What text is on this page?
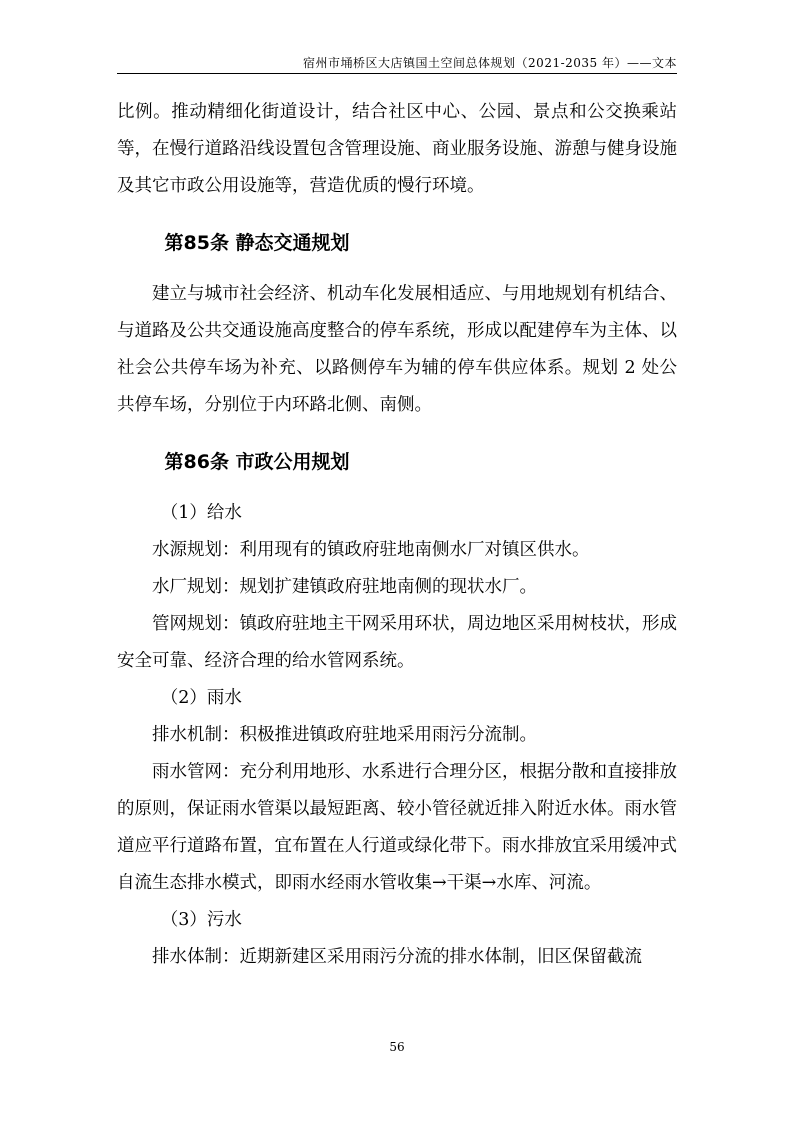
宿州市埇桥区大店镇国土空间总体规划（2021-2035 年）——文本

比例。推动精细化街道设计，结合社区中心、公园、景点和公交换乘站等，在慢行道路沿线设置包含管理设施、商业服务设施、游憩与健身设施及其它市政公用设施等，营造优质的慢行环境。

第85条 静态交通规划

建立与城市社会经济、机动车化发展相适应、与用地规划有机结合、与道路及公共交通设施高度整合的停车系统，形成以配建停车为主体、以社会公共停车场为补充、以路侧停车为辅的停车供应体系。规划 2 处公共停车场，分别位于内环路北侧、南侧。

第86条 市政公用规划

（1）给水

水源规划：利用现有的镇政府驻地南侧水厂对镇区供水。

水厂规划：规划扩建镇政府驻地南侧的现状水厂。

管网规划：镇政府驻地主干网采用环状，周边地区采用树枝状，形成安全可靠、经济合理的给水管网系统。

（2）雨水

排水机制：积极推进镇政府驻地采用雨污分流制。

雨水管网：充分利用地形、水系进行合理分区，根据分散和直接排放的原则，保证雨水管渠以最短距离、较小管径就近排入附近水体。雨水管道应平行道路布置，宜布置在人行道或绿化带下。雨水排放宜采用缓冲式自流生态排水模式，即雨水经雨水管收集→干渠→水库、河流。

（3）污水

排水体制：近期新建区采用雨污分流的排水体制，旧区保留截流

56
